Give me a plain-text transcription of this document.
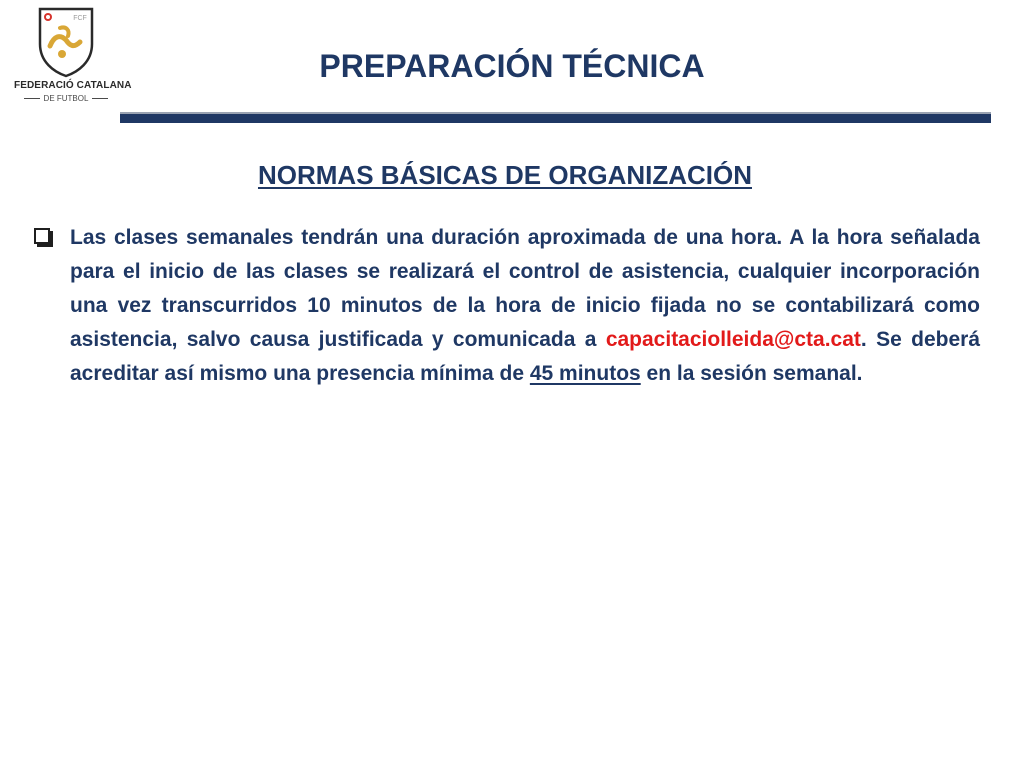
FCF
FEDERACIÓ CATALANA
DE FUTBOL
PREPARACIÓN TÉCNICA
NORMAS BÁSICAS DE ORGANIZACIÓN

Las clases semanales tendrán una duración aproximada de una hora. A la hora señalada para el inicio de las clases se realizará el control de asistencia, cualquier incorporación una vez transcurridos 10 minutos de la hora de inicio fijada no se contabilizará como asistencia, salvo causa justificada y comunicada a capacitaciolleida@cta.cat. Se deberá acreditar así mismo una presencia mínima de 45 minutos en la sesión semanal.
